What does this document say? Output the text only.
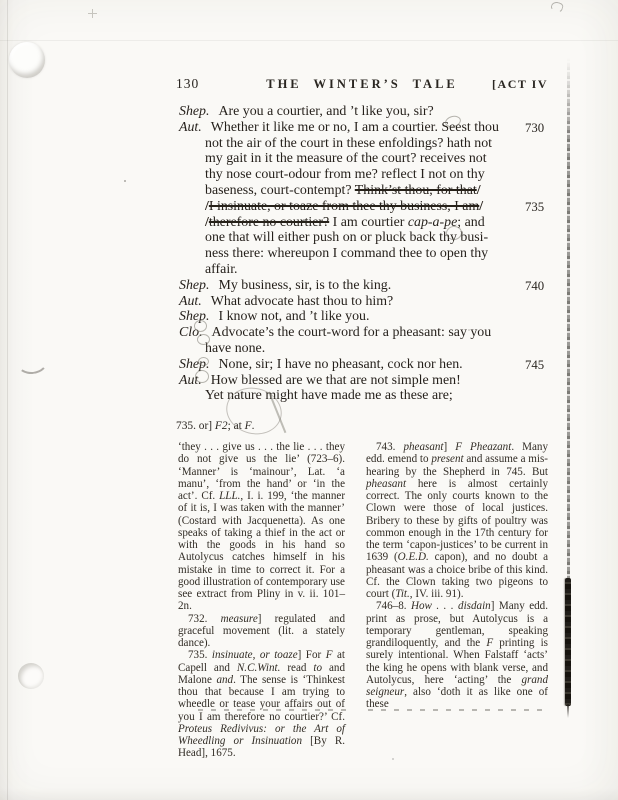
130	THE WINTER’S TALE	[ACT IV
Shep. Are you a courtier, and ’t like you, sir?
Aut. Whether it like me or no, I am a courtier. Seest thou 730
not the air of the court in these enfoldings? hath not
my gait in it the measure of the court? receives not
thy nose court-odour from me? reflect I not on thy
baseness, court-contempt? Think’st thou, for that/
/I insinuate, or toaze from thee thy business, I am/	735
/therefore no courtier? I am courtier cap-a-pe; and
one that will either push on or pluck back thy busi-
ness there: whereupon I command thee to open thy
affair.
Shep. My business, sir, is to the king.	740
Aut. What advocate hast thou to him?
Shep. I know not, and ’t like you.
Clo. Advocate’s the court-word for a pheasant: say you
have none.
Shep. None, sir; I have no pheasant, cock nor hen.	745
Aut. How blessed are we that are not simple men!
Yet nature might have made me as these are;
735. or] F2; at F.

‘they . . . give us . . . the lie . . . they do not give us the lie’ (723–6). ‘Manner’ is ‘mainour’, Lat. ‘a manu’, ‘from the hand’ or ‘in the act’. Cf. LLL., I. i. 199, ‘the manner of it is, I was taken with the manner’ (Costard with Jacquenetta). As one speaks of taking a thief in the act or with the goods in his hand so Autolycus catches himself in his mistake in time to correct it. For a good illustration of contemporary use see extract from Pliny in v. ii. 101–2n.

732. measure] regulated and graceful movement (lit. a stately dance).

735. insinuate, or toaze] For F at Capell and N.C.Wint. read to and Malone and. The sense is ‘Thinkest thou that because I am trying to wheedle or tease your affairs out of you I am therefore no courtier?’ Cf. Proteus Redivivus: or the Art of Wheedling or Insinuation [By R. Head], 1675.

743. pheasant] F Pheazant. Many edd. emend to present and assume a mis-hearing by the Shepherd in 745. But pheasant here is almost certainly correct. The only courts known to the Clown were those of local justices. Bribery to these by gifts of poultry was common enough in the 17th century for the term ‘capon-justices’ to be current in 1639 (O.E.D. capon), and no doubt a pheasant was a choice bribe of this kind. Cf. the Clown taking two pigeons to court (Tit., IV. iii. 91).

746–8. How . . . disdain] Many edd. print as prose, but Autolycus is a temporary gentleman, speaking grandiloquently, and the F printing is surely intentional. When Falstaff ‘acts’ the king he opens with blank verse, and Autolycus, here ‘acting’ the grand seigneur, also ‘doth it as like one of these
